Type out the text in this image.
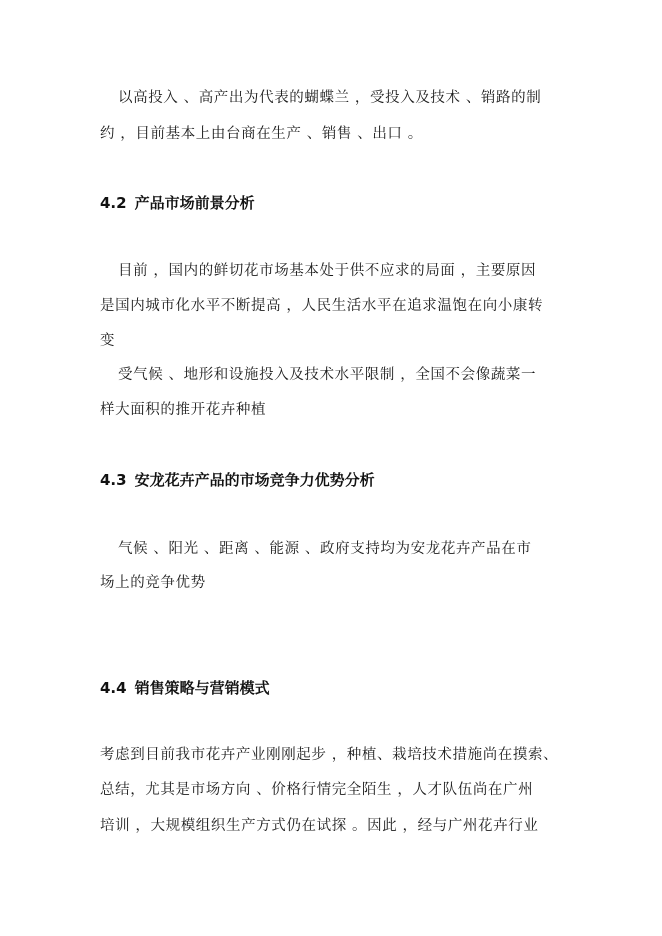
以高投入 、高产出为代表的蝴蝶兰 ，受投入及技术 、销路的制
约 ，目前基本上由台商在生产 、销售 、出口 。
4.2 产品市场前景分析
目前 ，国内的鲜切花市场基本处于供不应求的局面 ，主要原因
是国内城市化水平不断提高 ，人民生活水平在追求温饱在向小康转
变
受气候 、地形和设施投入及技术水平限制 ，全国不会像蔬菜一
样大面积的推开花卉种植
4.3 安龙花卉产品的市场竞争力优势分析
气候 、阳光 、距离 、能源 、政府支持均为安龙花卉产品在市
场上的竞争优势
4.4 销售策略与营销模式
考虑到目前我市花卉产业刚刚起步 ，种植、栽培技术措施尚在摸索、
总结，尤其是市场方向 、价格行情完全陌生 ，人才队伍尚在广州
培训 ，大规模组织生产方式仍在试探 。因此 ，经与广州花卉行业
